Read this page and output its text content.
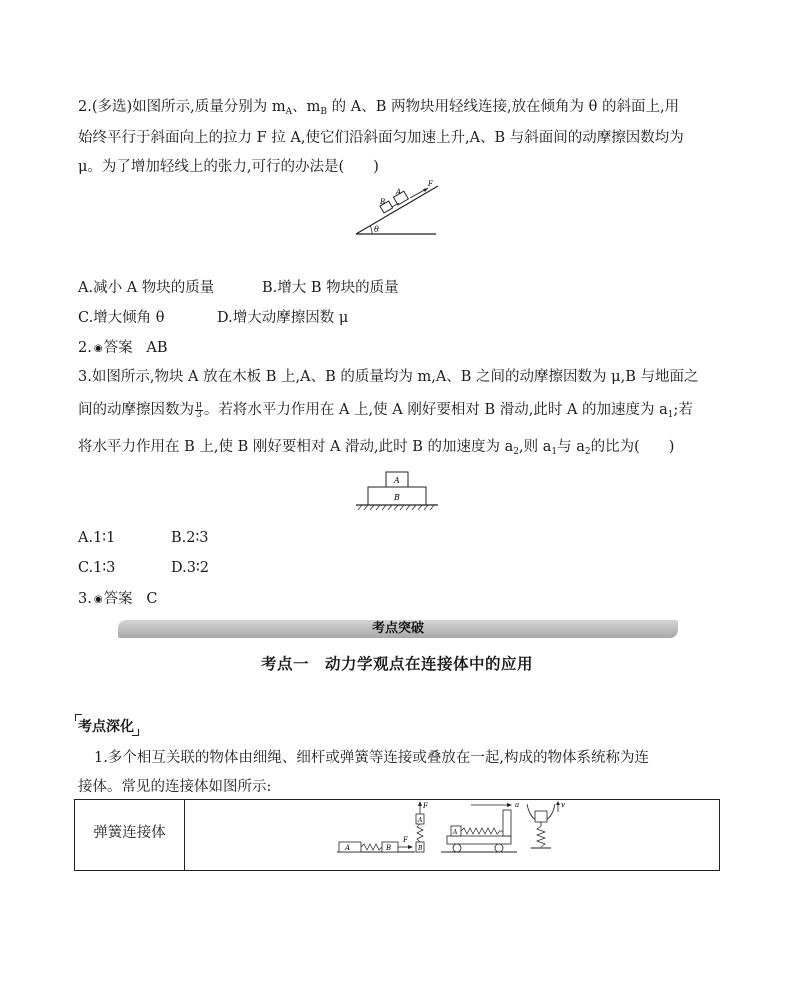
2.(多选)如图所示,质量分别为 $m_A$、$m_B$ 的 A、B 两物块用轻线连接,放在倾角为 θ 的斜面上,用
始终平行于斜面向上的拉力 F 拉 A,使它们沿斜面匀加速上升,A、B 与斜面间的动摩擦因数均为
μ。为了增加轻线上的张力,可行的办法是(　　)
θ
B
A
F
A.减小 A 物块的质量	B.增大 B 物块的质量
C.增大倾角 θ	D.增大动摩擦因数 μ
2. ◉答案 AB
3.如图所示,物块 A 放在木板 B 上,A、B 的质量均为 m,A、B 之间的动摩擦因数为 μ,B 与地面之
间的动摩擦因数为 $\frac{\mu}{3}$ 。若将水平力作用在 A 上,使 A 刚好要相对 B 滑动,此时 A 的加速度为 $a_1$;若
将水平力作用在 B 上,使 B 刚好要相对 A 滑动,此时 B 的加速度为 $a_2$,则 $a_1$与 $a_2$的比为(　　)
A
B
A.1∶1	B.2∶3
C.1∶3	D.3∶2
3. ◉答案 C
考点突破
考点一　动力学观点在连接体中的应用
考点深化
1.多个相互关联的物体由细绳、细杆或弹簧等连接或叠放在一起,构成的物体系统称为连
接体。常见的连接体如图所示:
弹簧连接体	
A	B
F
F
A
B
a
A
v
